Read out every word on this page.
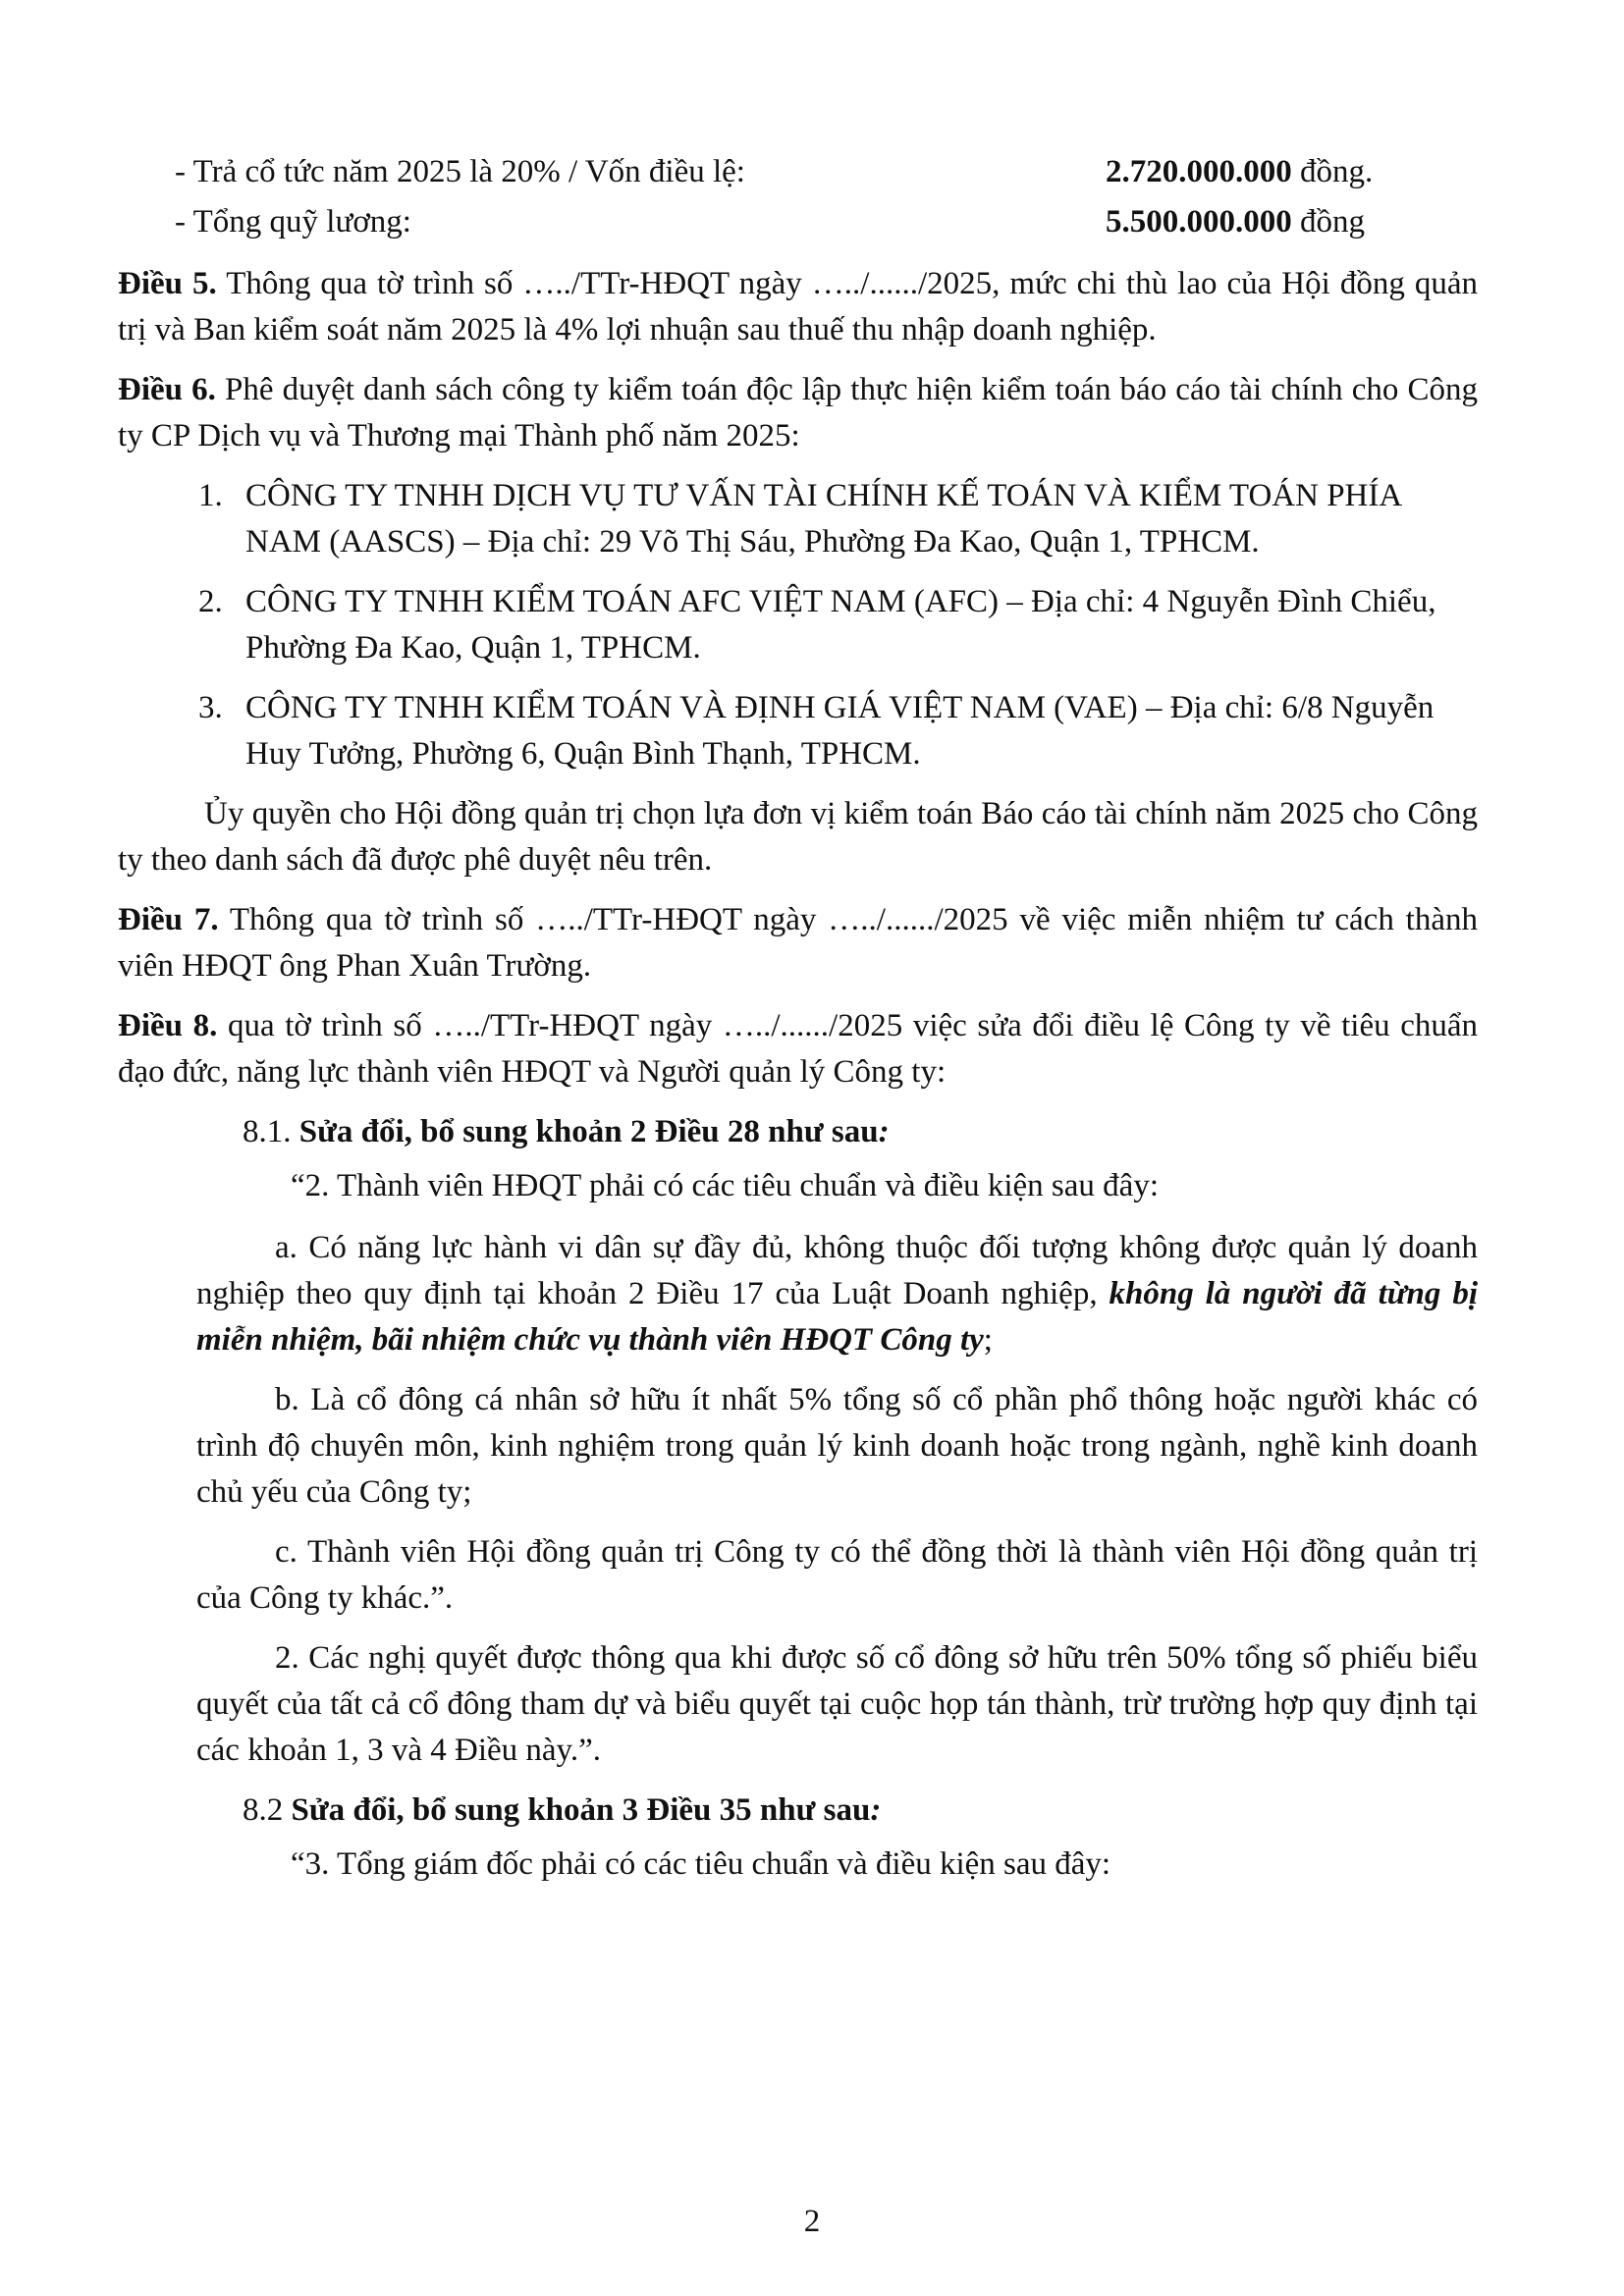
- Trả cổ tức năm 2025 là 20% / Vốn điều lệ:	2.720.000.000 đồng.
- Tổng quỹ lương:	5.500.000.000 đồng

Điều 5. Thông qua tờ trình số …../TTr-HĐQT ngày …../....../2025, mức chi thù lao của Hội đồng quản trị và Ban kiểm soát năm 2025 là 4% lợi nhuận sau thuế thu nhập doanh nghiệp.

Điều 6. Phê duyệt danh sách công ty kiểm toán độc lập thực hiện kiểm toán báo cáo tài chính cho Công ty CP Dịch vụ và Thương mại Thành phố năm 2025:

1. CÔNG TY TNHH DỊCH VỤ TƯ VẤN TÀI CHÍNH KẾ TOÁN VÀ KIỂM TOÁN PHÍA NAM (AASCS) – Địa chỉ: 29 Võ Thị Sáu, Phường Đa Kao, Quận 1, TPHCM.
2. CÔNG TY TNHH KIỂM TOÁN AFC VIỆT NAM (AFC) – Địa chỉ: 4 Nguyễn Đình Chiểu, Phường Đa Kao, Quận 1, TPHCM.
3. CÔNG TY TNHH KIỂM TOÁN VÀ ĐỊNH GIÁ VIỆT NAM (VAE) – Địa chỉ: 6/8 Nguyễn Huy Tưởng, Phường 6, Quận Bình Thạnh, TPHCM.

Ủy quyền cho Hội đồng quản trị chọn lựa đơn vị kiểm toán Báo cáo tài chính năm 2025 cho Công ty theo danh sách đã được phê duyệt nêu trên.

Điều 7. Thông qua tờ trình số …../TTr-HĐQT ngày …../....../2025 về việc miễn nhiệm tư cách thành viên HĐQT ông Phan Xuân Trường.

Điều 8. qua tờ trình số …../TTr-HĐQT ngày …../....../2025 việc sửa đổi điều lệ Công ty về tiêu chuẩn đạo đức, năng lực thành viên HĐQT và Người quản lý Công ty:

8.1. Sửa đổi, bổ sung khoản 2 Điều 28 như sau:

“2. Thành viên HĐQT phải có các tiêu chuẩn và điều kiện sau đây:

a. Có năng lực hành vi dân sự đầy đủ, không thuộc đối tượng không được quản lý doanh nghiệp theo quy định tại khoản 2 Điều 17 của Luật Doanh nghiệp, không là người đã từng bị miễn nhiệm, bãi nhiệm chức vụ thành viên HĐQT Công ty;

b. Là cổ đông cá nhân sở hữu ít nhất 5% tổng số cổ phần phổ thông hoặc người khác có trình độ chuyên môn, kinh nghiệm trong quản lý kinh doanh hoặc trong ngành, nghề kinh doanh chủ yếu của Công ty;

c. Thành viên Hội đồng quản trị Công ty có thể đồng thời là thành viên Hội đồng quản trị của Công ty khác.”.

2. Các nghị quyết được thông qua khi được số cổ đông sở hữu trên 50% tổng số phiếu biểu quyết của tất cả cổ đông tham dự và biểu quyết tại cuộc họp tán thành, trừ trường hợp quy định tại các khoản 1, 3 và 4 Điều này.”.

8.2 Sửa đổi, bổ sung khoản 3 Điều 35 như sau:

“3. Tổng giám đốc phải có các tiêu chuẩn và điều kiện sau đây:

2
